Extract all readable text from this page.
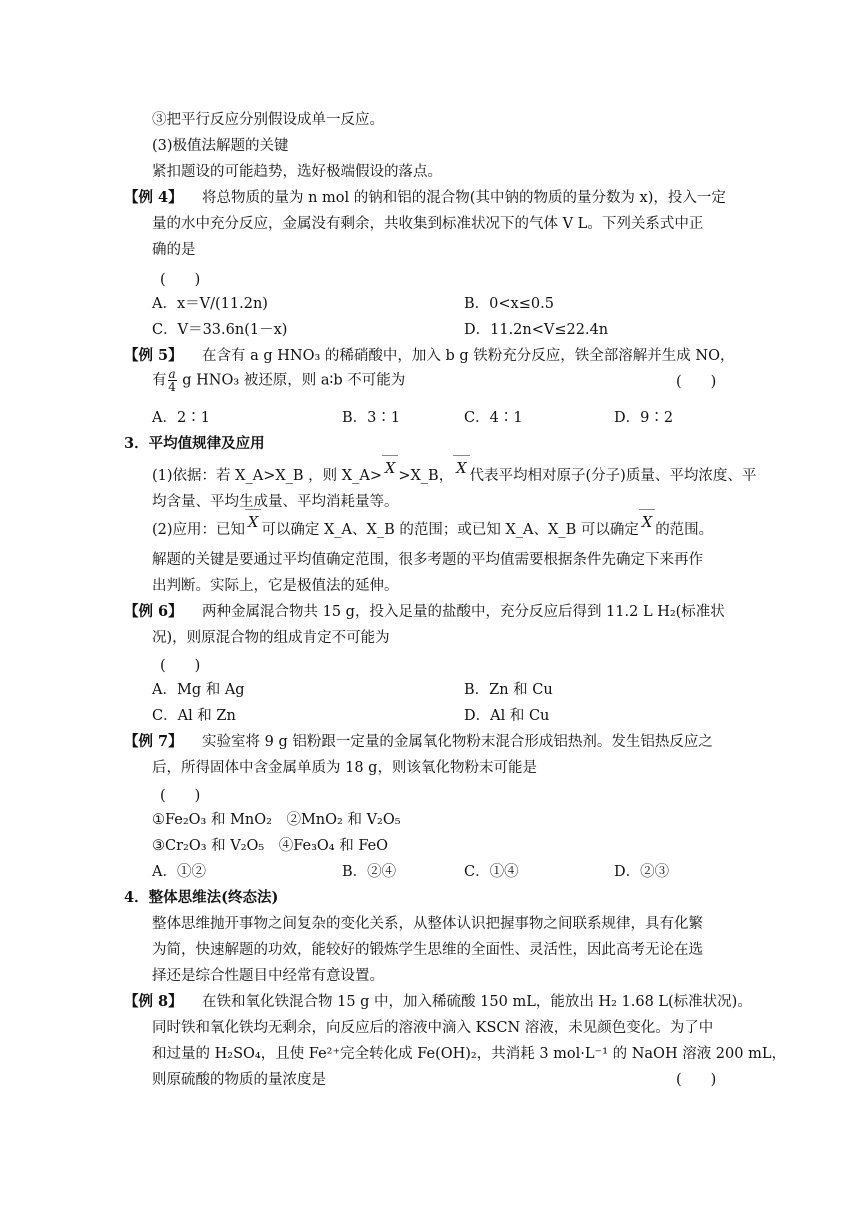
③把平行反应分别假设成单一反应。
(3)极值法解题的关键
紧扣题设的可能趋势，选好极端假设的落点。
【例 4】 将总物质的量为 n mol 的钠和铝的混合物(其中钠的物质的量分数为 x)，投入一定
量的水中充分反应，金属没有剩余，共收集到标准状况下的气体 V L。下列关系式中正
确的是
(　　)
A．x＝V/(11.2n)	B．0<x≤0.5
C．V＝33.6n(1－x)	D．11.2n<V≤22.4n
【例 5】 在含有 a g HNO₃ 的稀硝酸中，加入 b g 铁粉充分反应，铁全部溶解并生成 NO，
有 $\frac{a}{4}$ g HNO₃ 被还原，则 a∶b 不可能为	(　　)
A．2∶1	B．3∶1	C．4∶1	D．9∶2
3．平均值规律及应用
(1)依据：若 X_A>X_B ，则 X_A> X >X_B， X 代表平均相对原子(分子)质量、平均浓度、平
均含量、平均生成量、平均消耗量等。
(2)应用：已知 X 可以确定 X_A、X_B 的范围；或已知 X_A、X_B 可以确定 X 的范围。
解题的关键是要通过平均值确定范围，很多考题的平均值需要根据条件先确定下来再作
出判断。实际上，它是极值法的延伸。
【例 6】 两种金属混合物共 15 g，投入足量的盐酸中，充分反应后得到 11.2 L H₂(标准状
况)，则原混合物的组成肯定不可能为
(　　)
A．Mg 和 Ag	B．Zn 和 Cu
C．Al 和 Zn	D．Al 和 Cu
【例 7】 实验室将 9 g 铝粉跟一定量的金属氧化物粉末混合形成铝热剂。发生铝热反应之
后，所得固体中含金属单质为 18 g，则该氧化物粉末可能是
(　　)
①Fe₂O₃ 和 MnO₂　②MnO₂ 和 V₂O₅
③Cr₂O₃ 和 V₂O₅　④Fe₃O₄ 和 FeO
A．①②	B．②④	C．①④	D．②③
4．整体思维法(终态法)
整体思维抛开事物之间复杂的变化关系，从整体认识把握事物之间联系规律，具有化繁
为简，快速解题的功效，能较好的锻炼学生思维的全面性、灵活性，因此高考无论在选
择还是综合性题目中经常有意设置。
【例 8】 在铁和氧化铁混合物 15 g 中，加入稀硫酸 150 mL，能放出 H₂ 1.68 L(标准状况)。
同时铁和氧化铁均无剩余，向反应后的溶液中滴入 KSCN 溶液，未见颜色变化。为了中
和过量的 H₂SO₄，且使 Fe²⁺完全转化成 Fe(OH)₂，共消耗 3 mol·L⁻¹ 的 NaOH 溶液 200 mL，
则原硫酸的物质的量浓度是	(　　)
